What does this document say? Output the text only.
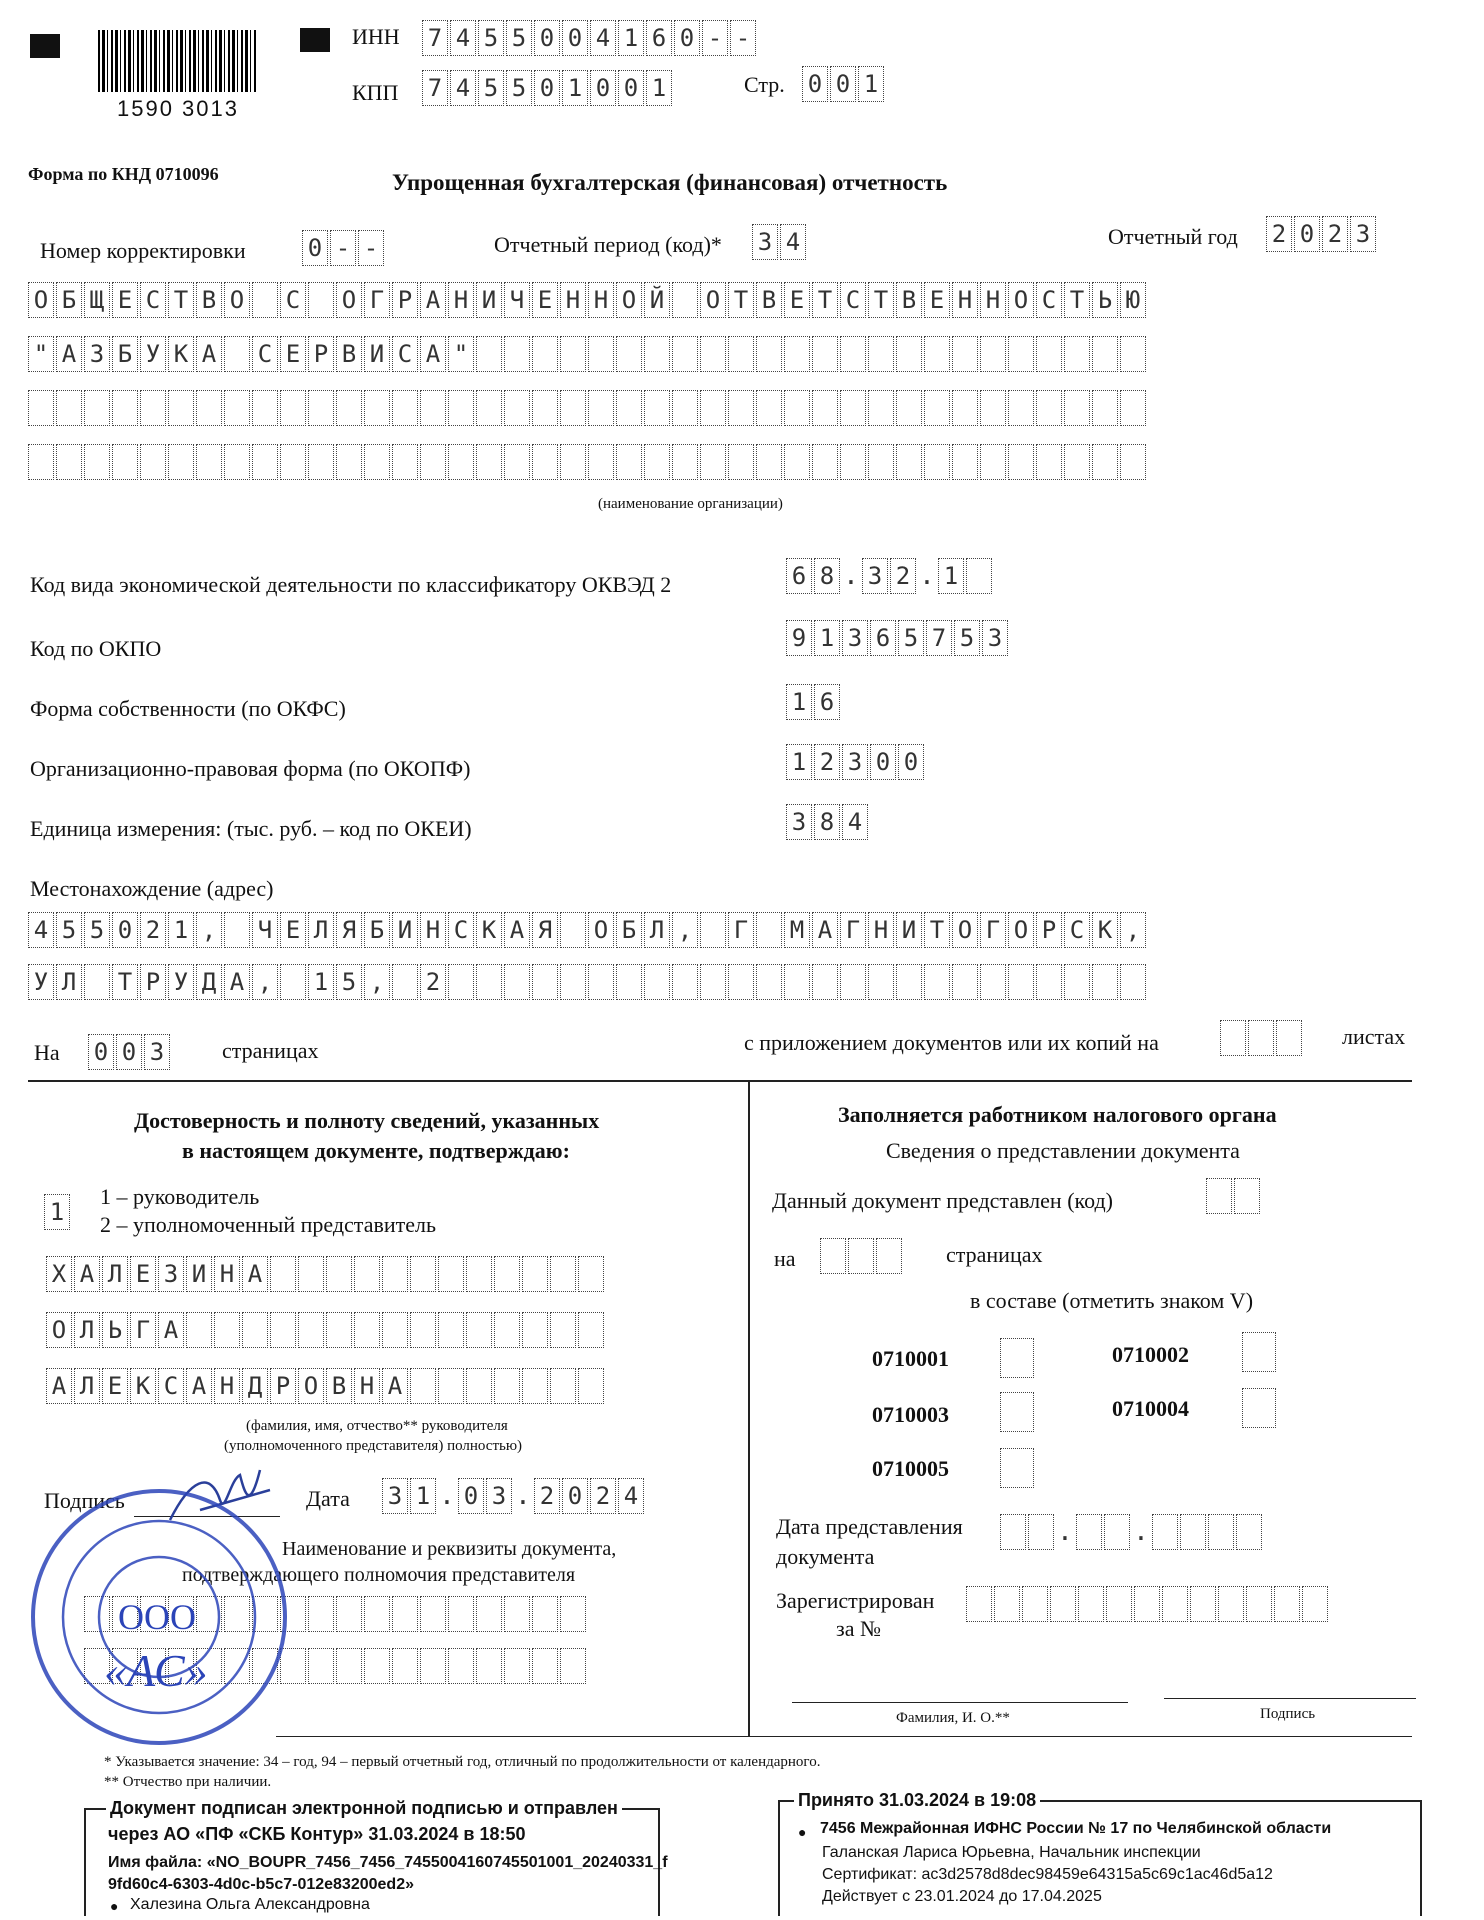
1590 3013
ИНН 7 4 5 5 0 0 4 1 6 0 - -
КПП 7 4 5 5 0 1 0 0 1	Стр. 0 0 1
Форма по КНД 0710096	Упрощенная бухгалтерская (финансовая) отчетность
Номер корректировки	0 - -	Отчетный период (код)* 3 4	Отчетный год 2 0 2 3
О Б Щ Е С Т В О С О Г Р А Н И Ч Е Н Н О Й О Т В Е Т С Т В Е Н Н О С Т Ь Ю
" А З Б У К А С Е Р В И С А "
(наименование организации)
Код вида экономической деятельности по классификатору ОКВЭД 2	6 8 . 3 2 . 1
Код по ОКПО	9 1 3 6 5 7 5 3
Форма собственности (по ОКФС)	1 6
Организационно-правовая форма (по ОКОПФ)	1 2 3 0 0
Единица измерения: (тыс. руб. – код по ОКЕИ)	3 8 4
Местонахождение (адрес)
4 5 5 0 2 1 , Ч Е Л Я Б И Н С К А Я О Б Л , Г М А Г Н И Т О Г О Р С К ,
У Л Т Р У Д А , 1 5 , 2
На 0 0 3	страницах	с приложением документов или их копий на	листах
Достоверность и полноту сведений, указанных
в настоящем документе, подтверждаю:
1
1 – руководитель
2 – уполномоченный представитель
Х А Л Е З И Н А
О Л Ь Г А
А Л Е К С А Н Д Р О В Н А
(фамилия, имя, отчество** руководителя
(уполномоченного представителя) полностью)
Подпись	Дата 3 1 . 0 3 . 2 0 2 4
Наименование и реквизиты документа,
подтверждающего полномочия представителя
ООО
«АС»
Заполняется работником налогового органа
Сведения о представлении документа
Данный документ представлен (код)
на	страницах
в составе (отметить знаком V)
0710001	0710002
0710003	0710004
0710005
Дата представления
документа
. .
Зарегистрирован
за №
Фамилия, И. О.**	Подпись
* Указывается значение: 34 – год, 94 – первый отчетный год, отличный по продолжительности от календарного.
** Отчество при наличии.
Документ подписан электронной подписью и отправлен
через АО «ПФ «СКБ Контур» 31.03.2024 в 18:50
Имя файла: «NO_BOUPR_7456_7456_7455004160745501001_20240331_f
9fd60c4-6303-4d0c-b5c7-012e83200ed2»
● Халезина Ольга Александровна
Принято 31.03.2024 в 19:08
● 7456 Межрайонная ИФНС России № 17 по Челябинской области
Галанская Лариса Юрьевна, Начальник инспекции
Сертификат: ac3d2578d8dec98459e64315a5c69c1ac46d5a12
Действует с 23.01.2024 до 17.04.2025
